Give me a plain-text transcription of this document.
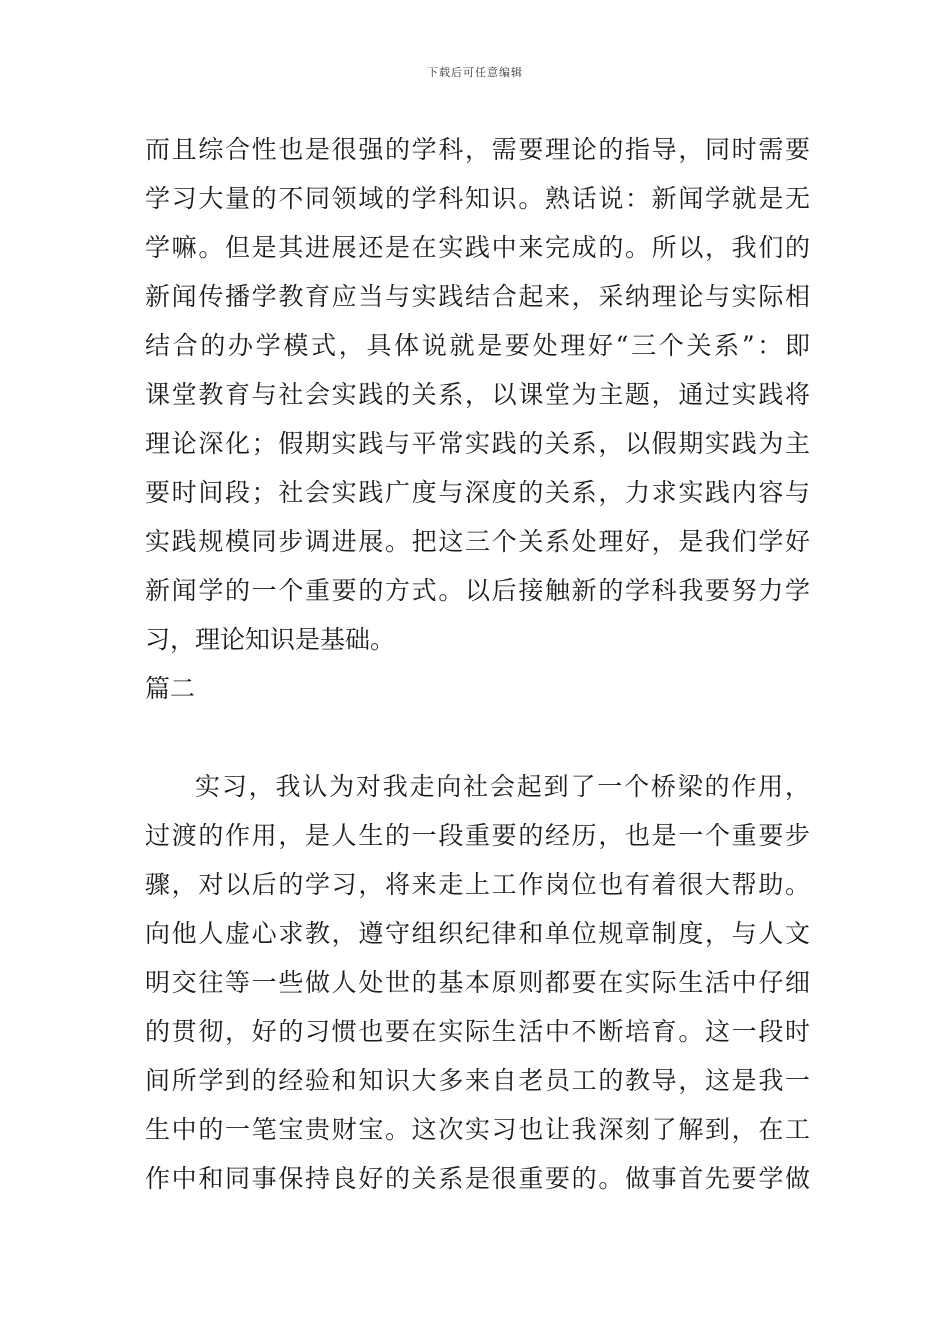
下载后可任意编辑
而且综合性也是很强的学科，需要理论的指导，同时需要
学习大量的不同领域的学科知识。熟话说：新闻学就是无
学嘛。但是其进展还是在实践中来完成的。所以，我们的
新闻传播学教育应当与实践结合起来，采纳理论与实际相
结合的办学模式，具体说就是要处理好“三个关系”：即
课堂教育与社会实践的关系，以课堂为主题，通过实践将
理论深化；假期实践与平常实践的关系，以假期实践为主
要时间段；社会实践广度与深度的关系，力求实践内容与
实践规模同步调进展。把这三个关系处理好，是我们学好
新闻学的一个重要的方式。以后接触新的学科我要努力学
习，理论知识是基础。
篇二
实习，我认为对我走向社会起到了一个桥梁的作用，
过渡的作用，是人生的一段重要的经历，也是一个重要步
骤，对以后的学习，将来走上工作岗位也有着很大帮助。
向他人虚心求教，遵守组织纪律和单位规章制度，与人文
明交往等一些做人处世的基本原则都要在实际生活中仔细
的贯彻，好的习惯也要在实际生活中不断培育。这一段时
间所学到的经验和知识大多来自老员工的教导，这是我一
生中的一笔宝贵财宝。这次实习也让我深刻了解到，在工
作中和同事保持良好的关系是很重要的。做事首先要学做
